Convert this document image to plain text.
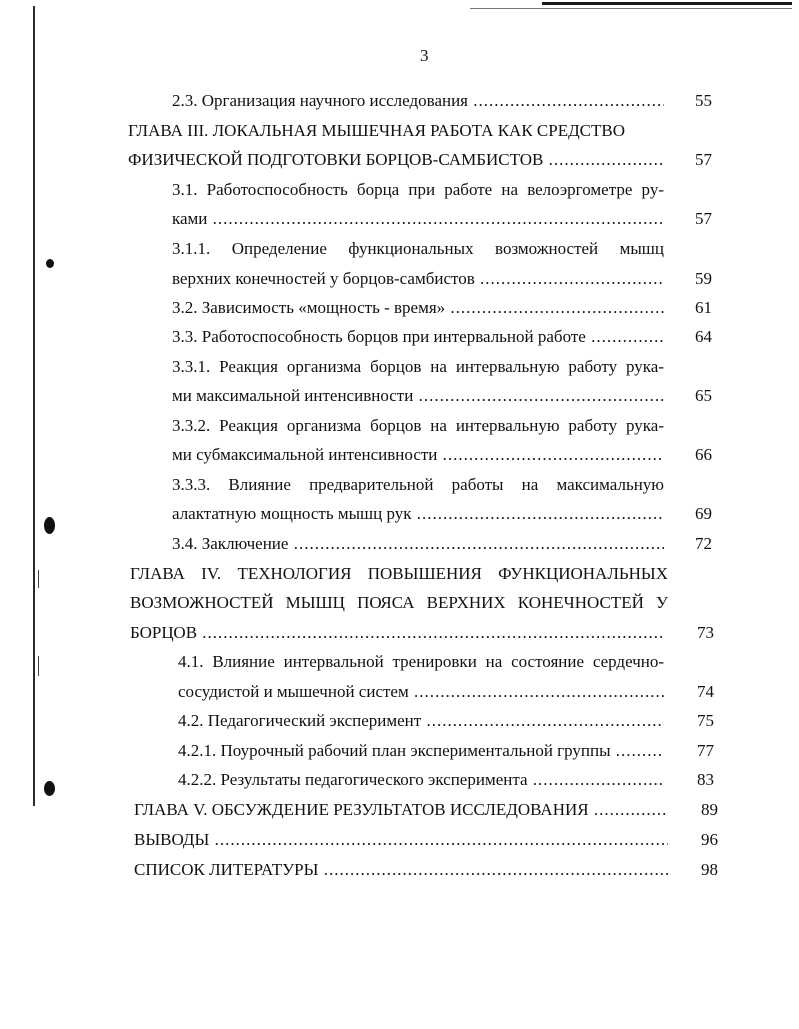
3
2.3. Организация научного исследования .....	55
ГЛАВА III. ЛОКАЛЬНАЯ МЫШЕЧНАЯ РАБОТА КАК СРЕДСТВО
ФИЗИЧЕСКОЙ ПОДГОТОВКИ БОРЦОВ-САМБИСТОВ .....	57
3.1. Работоспособность борца при работе на велоэргометре ру-
ками .....	57
3.1.1. Определение функциональных возможностей мышц
верхних конечностей у борцов-самбистов .....	59
3.2. Зависимость «мощность - время» .....	61
3.3. Работоспособность борцов при интервальной работе .....	64
3.3.1. Реакция организма борцов на интервальную работу рука-
ми максимальной интенсивности .....	65
3.3.2. Реакция организма борцов на интервальную работу рука-
ми субмаксимальной интенсивности .....	66
3.3.3. Влияние предварительной работы на максимальную
алактатную мощность мышц рук .....	69
3.4. Заключение .....	72
ГЛАВА IV. ТЕХНОЛОГИЯ ПОВЫШЕНИЯ ФУНКЦИОНАЛЬНЫХ
ВОЗМОЖНОСТЕЙ МЫШЦ ПОЯСА ВЕРХНИХ КОНЕЧНОСТЕЙ У
БОРЦОВ .....	73
4.1. Влияние интервальной тренировки на состояние сердечно-
сосудистой и мышечной систем .....	74
4.2. Педагогический эксперимент .....	75
4.2.1. Поурочный рабочий план экспериментальной группы .....	77
4.2.2. Результаты педагогического эксперимента .....	83
ГЛАВА V. ОБСУЖДЕНИЕ РЕЗУЛЬТАТОВ ИССЛЕДОВАНИЯ .....	89
ВЫВОДЫ .....	96
СПИСОК ЛИТЕРАТУРЫ .....	98
